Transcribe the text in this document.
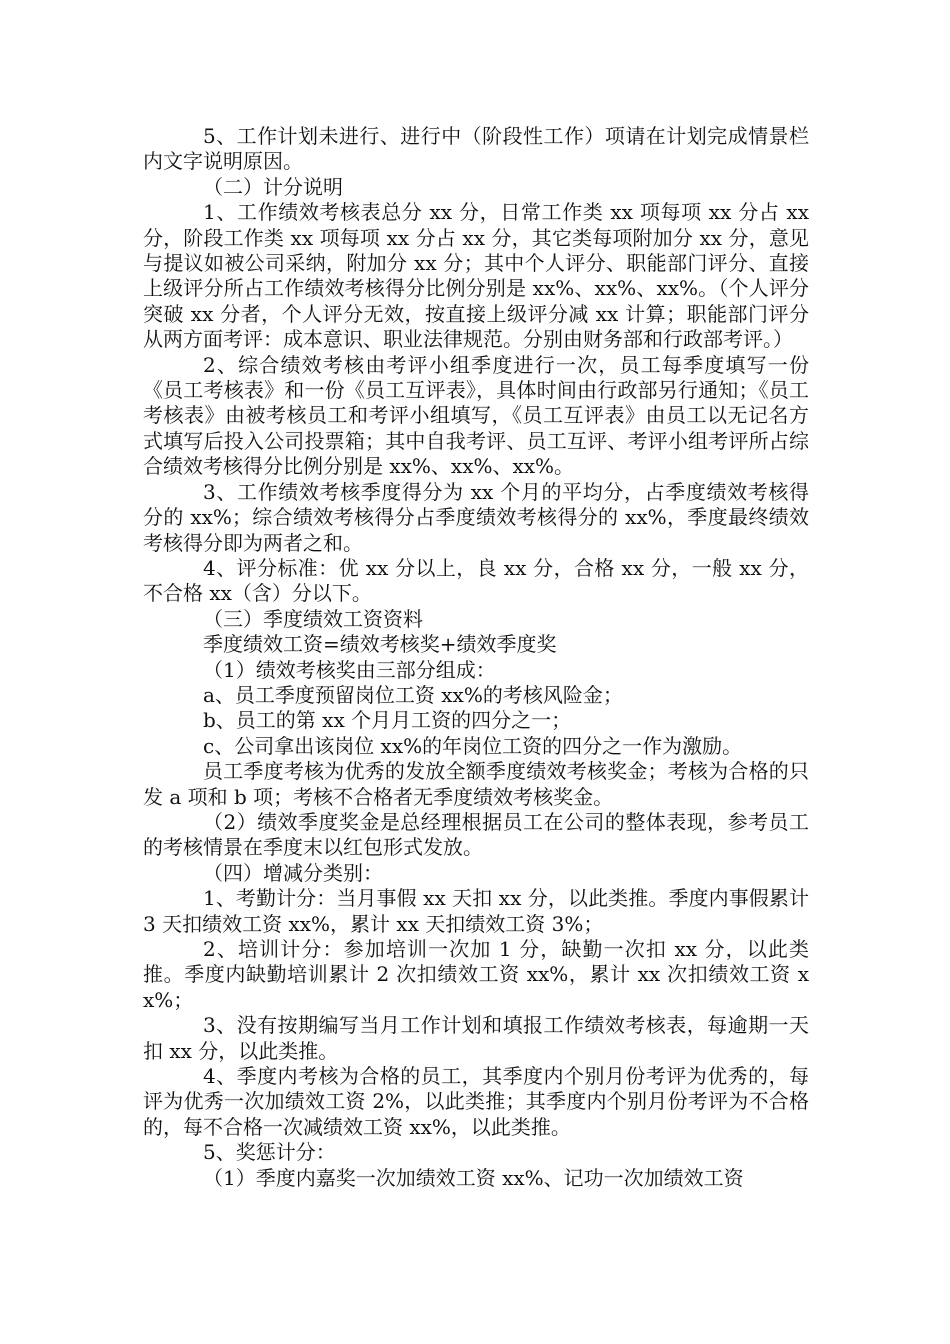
5、工作计划未进行、进行中（阶段性工作）项请在计划完成情景栏内文字说明原因。

（二）计分说明

1、工作绩效考核表总分 xx 分，日常工作类 xx 项每项 xx 分占 xx 分，阶段工作类 xx 项每项 xx 分占 xx 分，其它类每项附加分 xx 分，意见与提议如被公司采纳，附加分 xx 分；其中个人评分、职能部门评分、直接上级评分所占工作绩效考核得分比例分别是 xx%、xx%、xx%。（个人评分突破 xx 分者，个人评分无效，按直接上级评分减 xx 计算；职能部门评分从两方面考评：成本意识、职业法律规范。分别由财务部和行政部考评。）

2、综合绩效考核由考评小组季度进行一次，员工每季度填写一份《员工考核表》和一份《员工互评表》，具体时间由行政部另行通知；《员工考核表》由被考核员工和考评小组填写，《员工互评表》由员工以无记名方式填写后投入公司投票箱；其中自我考评、员工互评、考评小组考评所占综合绩效考核得分比例分别是 xx%、xx%、xx%。

3、工作绩效考核季度得分为 xx 个月的平均分，占季度绩效考核得分的 xx%；综合绩效考核得分占季度绩效考核得分的 xx%，季度最终绩效考核得分即为两者之和。

4、评分标准：优 xx 分以上，良 xx 分，合格 xx 分，一般 xx 分，不合格 xx（含）分以下。

（三）季度绩效工资资料

季度绩效工资=绩效考核奖+绩效季度奖

（1）绩效考核奖由三部分组成：

a、员工季度预留岗位工资 xx%的考核风险金；

b、员工的第 xx 个月月工资的四分之一；

c、公司拿出该岗位 xx%的年岗位工资的四分之一作为激励。

员工季度考核为优秀的发放全额季度绩效考核奖金；考核为合格的只发 a 项和 b 项；考核不合格者无季度绩效考核奖金。

（2）绩效季度奖金是总经理根据员工在公司的整体表现，参考员工的考核情景在季度末以红包形式发放。

（四）增减分类别：

1、考勤计分：当月事假 xx 天扣 xx 分，以此类推。季度内事假累计 3 天扣绩效工资 xx%，累计 xx 天扣绩效工资 3%；

2、培训计分：参加培训一次加 1 分，缺勤一次扣 xx 分，以此类推。季度内缺勤培训累计 2 次扣绩效工资 xx%，累计 xx 次扣绩效工资 xx%；

3、没有按期编写当月工作计划和填报工作绩效考核表，每逾期一天扣 xx 分，以此类推。

4、季度内考核为合格的员工，其季度内个别月份考评为优秀的，每评为优秀一次加绩效工资 2%，以此类推；其季度内个别月份考评为不合格的，每不合格一次减绩效工资 xx%，以此类推。

5、奖惩计分：

（1）季度内嘉奖一次加绩效工资 xx%、记功一次加绩效工资
